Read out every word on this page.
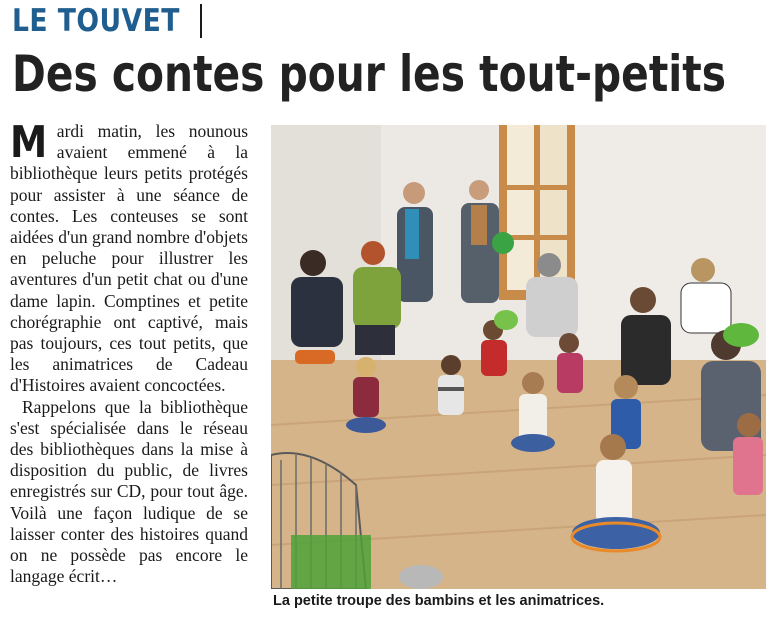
LE TOUVET
Des contes pour les tout-petits

Mardi matin, les nounous avaient emmené à la bibliothèque leurs petits protégés pour assister à une séance de contes. Les conteuses se sont aidées d'un grand nombre d'objets en peluche pour illustrer les aventures d'un petit chat ou d'une dame lapin. Comptines et petite chorégraphie ont captivé, mais pas toujours, ces tout petits, que les animatrices de Cadeau d'Histoires avaient concoctées.

Rappelons que la bibliothèque s'est spécialisée dans le réseau des bibliothèques dans la mise à disposition du public, de livres enregistrés sur CD, pour tout âge. Voilà une façon ludique de se laisser conter des histoires quand on ne possède pas encore le langage écrit…

La petite troupe des bambins et les animatrices.
